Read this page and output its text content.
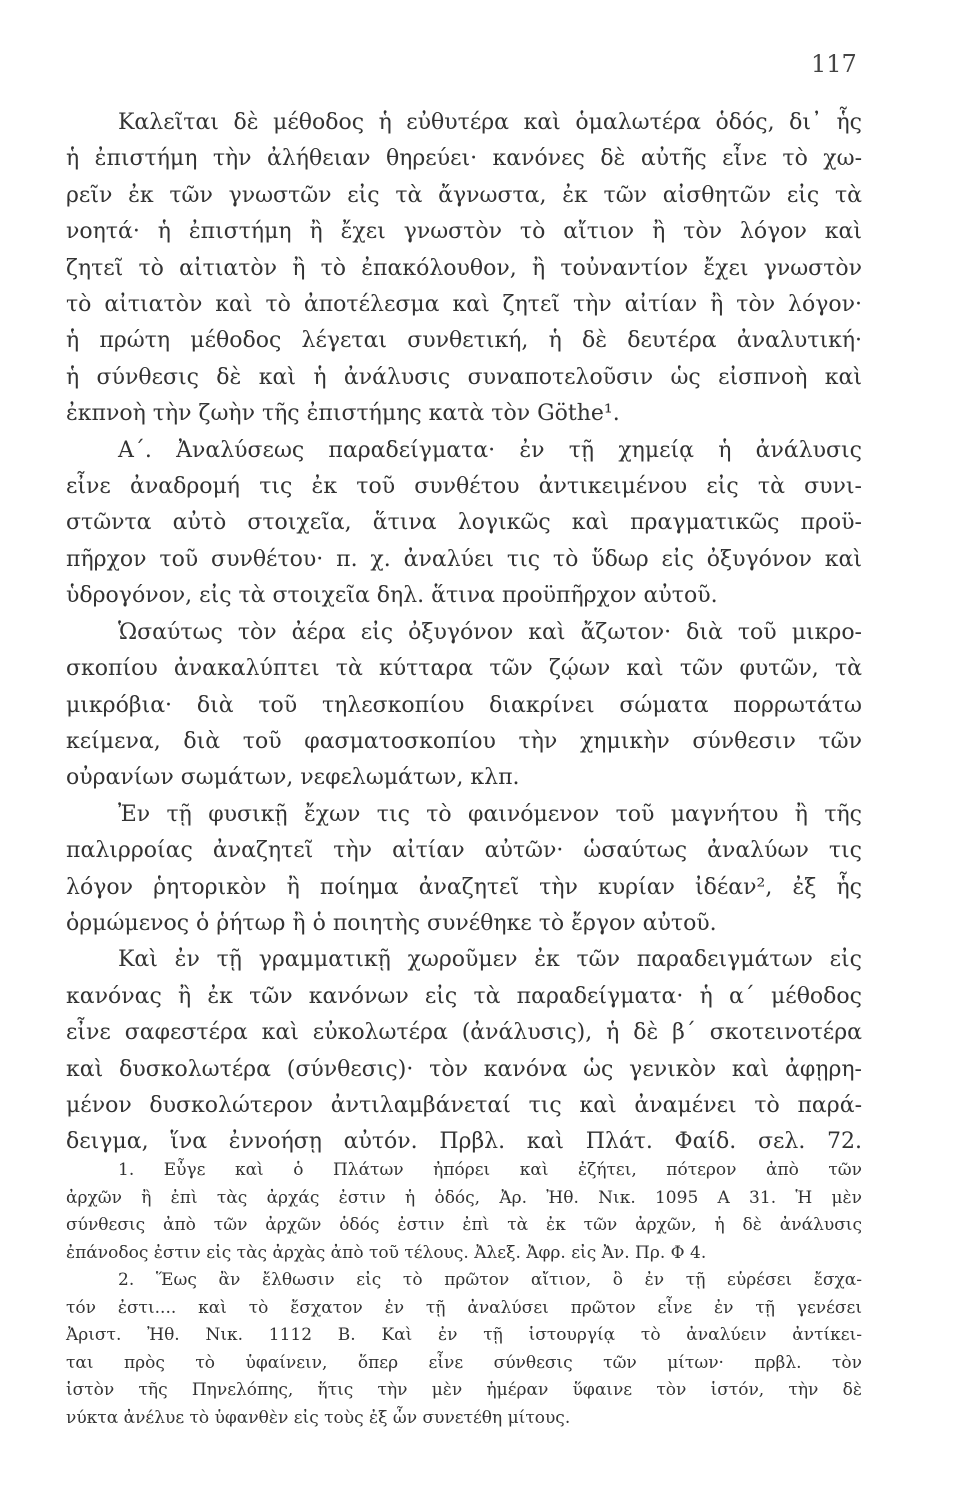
117
Καλεῖται δὲ μέθοδος ἡ εὐθυτέρα καὶ ὁμαλωτέρα ὁδός, δι᾽ ἧς
ἡ ἐπιστήμη τὴν ἀλήθειαν θηρεύει· κανόνες δὲ αὐτῆς εἶνε τὸ χω-
ρεῖν ἐκ τῶν γνωστῶν εἰς τὰ ἄγνωστα, ἐκ τῶν αἰσθητῶν εἰς τὰ
νοητά· ἡ ἐπιστήμη ἢ ἔχει γνωστὸν τὸ αἴτιον ἢ τὸν λόγον καὶ
ζητεῖ τὸ αἰτιατὸν ἢ τὸ ἐπακόλουθον, ἢ τοὐναντίον ἔχει γνωστὸν
τὸ αἰτιατὸν καὶ τὸ ἀποτέλεσμα καὶ ζητεῖ τὴν αἰτίαν ἢ τὸν λόγον·
ἡ πρώτη μέθοδος λέγεται συνθετική, ἡ δὲ δευτέρα ἀναλυτική·
ἡ σύνθεσις δὲ καὶ ἡ ἀνάλυσις συναποτελοῦσιν ὡς εἰσπνοὴ καὶ
ἐκπνοὴ τὴν ζωὴν τῆς ἐπιστήμης κατὰ τὸν Göthe¹.
Α΄. Ἀναλύσεως παραδείγματα· ἐν τῇ χημείᾳ ἡ ἀνάλυσις
εἶνε ἀναδρομή τις ἐκ τοῦ συνθέτου ἀντικειμένου εἰς τὰ συνι-
στῶντα αὐτὸ στοιχεῖα, ἅτινα λογικῶς καὶ πραγματικῶς προϋ-
πῆρχον τοῦ συνθέτου· π. χ. ἀναλύει τις τὸ ὕδωρ εἰς ὀξυγόνον καὶ
ὑδρογόνον, εἰς τὰ στοιχεῖα δηλ. ἅτινα προϋπῆρχον αὐτοῦ.
Ὡσαύτως τὸν ἀέρα εἰς ὀξυγόνον καὶ ἄζωτον· διὰ τοῦ μικρο-
σκοπίου ἀνακαλύπτει τὰ κύτταρα τῶν ζῴων καὶ τῶν φυτῶν, τὰ
μικρόβια· διὰ τοῦ τηλεσκοπίου διακρίνει σώματα πορρωτάτω
κείμενα, διὰ τοῦ φασματοσκοπίου τὴν χημικὴν σύνθεσιν τῶν
οὐρανίων σωμάτων, νεφελωμάτων, κλπ.
Ἐν τῇ φυσικῇ ἔχων τις τὸ φαινόμενον τοῦ μαγνήτου ἢ τῆς
παλιρροίας ἀναζητεῖ τὴν αἰτίαν αὐτῶν· ὡσαύτως ἀναλύων τις
λόγον ῥητορικὸν ἢ ποίημα ἀναζητεῖ τὴν κυρίαν ἰδέαν², ἐξ ἧς
ὁρμώμενος ὁ ῥήτωρ ἢ ὁ ποιητὴς συνέθηκε τὸ ἔργον αὐτοῦ.
Καὶ ἐν τῇ γραμματικῇ χωροῦμεν ἐκ τῶν παραδειγμάτων εἰς
κανόνας ἢ ἐκ τῶν κανόνων εἰς τὰ παραδείγματα· ἡ α΄ μέθοδος
εἶνε σαφεστέρα καὶ εὐκολωτέρα (ἀνάλυσις), ἡ δὲ β΄ σκοτεινοτέρα
καὶ δυσκολωτέρα (σύνθεσις)· τὸν κανόνα ὡς γενικὸν καὶ ἀφῃρη-
μένον δυσκολώτερον ἀντιλαμβάνεταί τις καὶ ἀναμένει τὸ παρά-
δειγμα, ἵνα ἐννοήσῃ αὐτόν. Πρβλ. καὶ Πλάτ. Φαίδ. σελ. 72.
1. Εὖγε καὶ ὁ Πλάτων ἠπόρει καὶ ἐζήτει, πότερον ἀπὸ τῶν
ἀρχῶν ἢ ἐπὶ τὰς ἀρχάς ἐστιν ἡ ὁδός, Ἀρ. Ἠθ. Νικ. 1095 Α 31. Ἡ μὲν
σύνθεσις ἀπὸ τῶν ἀρχῶν ὁδός ἐστιν ἐπὶ τὰ ἐκ τῶν ἀρχῶν, ἡ δὲ ἀνάλυσις
ἐπάνοδος ἐστιν εἰς τὰς ἀρχὰς ἀπὸ τοῦ τέλους. Ἀλεξ. Ἀφρ. εἰς Ἀν. Πρ. Φ 4.
2. Ἕως ἂν ἔλθωσιν εἰς τὸ πρῶτον αἴτιον, ὃ ἐν τῇ εὑρέσει ἔσχα-
τόν ἐστι.... καὶ τὸ ἔσχατον ἐν τῇ ἀναλύσει πρῶτον εἶνε ἐν τῇ γενέσει
Ἀριστ. Ἠθ. Νικ. 1112 Β. Καὶ ἐν τῇ ἱστουργίᾳ τὸ ἀναλύειν ἀντίκει-
ται πρὸς τὸ ὑφαίνειν, ὅπερ εἶνε σύνθεσις τῶν μίτων· πρβλ. τὸν
ἱστὸν τῆς Πηνελόπης, ἥτις τὴν μὲν ἡμέραν ὕφαινε τὸν ἱστόν, τὴν δὲ
νύκτα ἀνέλυε τὸ ὑφανθὲν εἰς τοὺς ἐξ ὧν συνετέθη μίτους.
